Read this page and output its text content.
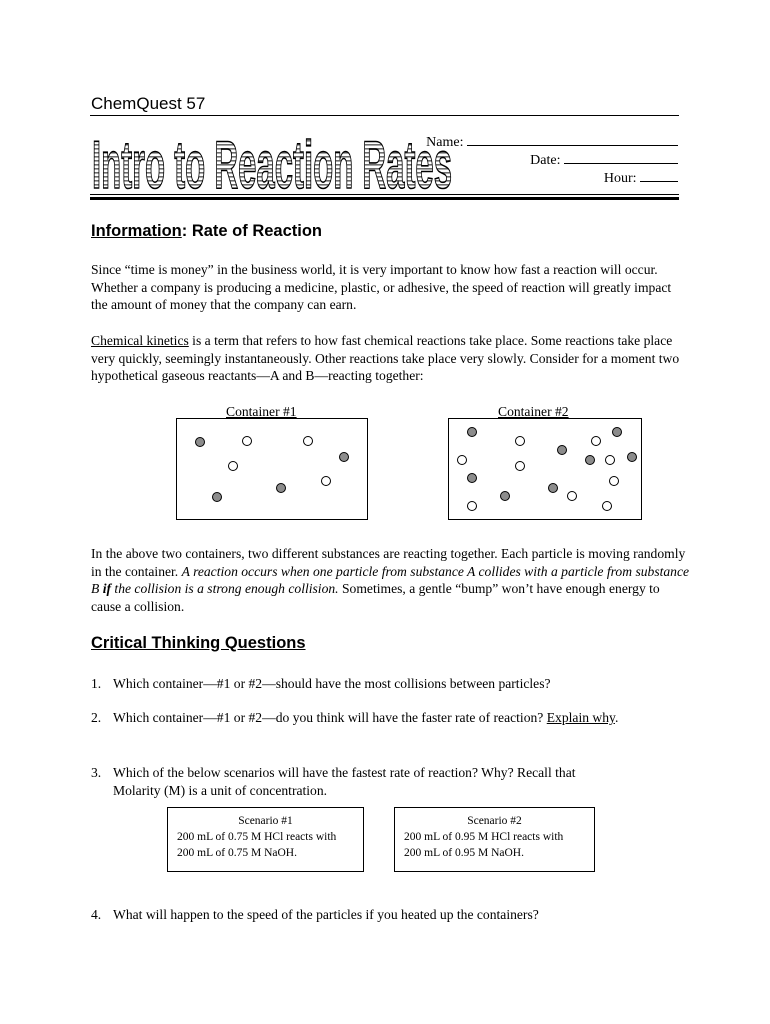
ChemQuest 57
Intro to Reaction Rates
Name:
Date:
Hour:
Information: Rate of Reaction

Since “time is money” in the business world, it is very important to know how fast a reaction will occur. Whether a company is producing a medicine, plastic, or adhesive, the speed of reaction will greatly impact the amount of money that the company can earn.

Chemical kinetics is a term that refers to how fast chemical reactions take place. Some reactions take place very quickly, seemingly instantaneously. Other reactions take place very slowly. Consider for a moment two hypothetical gaseous reactants—A and B—reacting together:

Container #1	Container #2

In the above two containers, two different substances are reacting together. Each particle is moving randomly in the container. A reaction occurs when one particle from substance A collides with a particle from substance B if the collision is a strong enough collision. Sometimes, a gentle “bump” won’t have enough energy to cause a collision.

Critical Thinking Questions

1. Which container—#1 or #2—should have the most collisions between particles?

2. Which container—#1 or #2—do you think will have the faster rate of reaction? Explain why.

3. Which of the below scenarios will have the fastest rate of reaction? Why? Recall that
Molarity (M) is a unit of concentration.

Scenario #1
200 mL of 0.75 M HCl reacts with
200 mL of 0.75 M NaOH.
Scenario #2
200 mL of 0.95 M HCl reacts with
200 mL of 0.95 M NaOH.

4. What will happen to the speed of the particles if you heated up the containers?
